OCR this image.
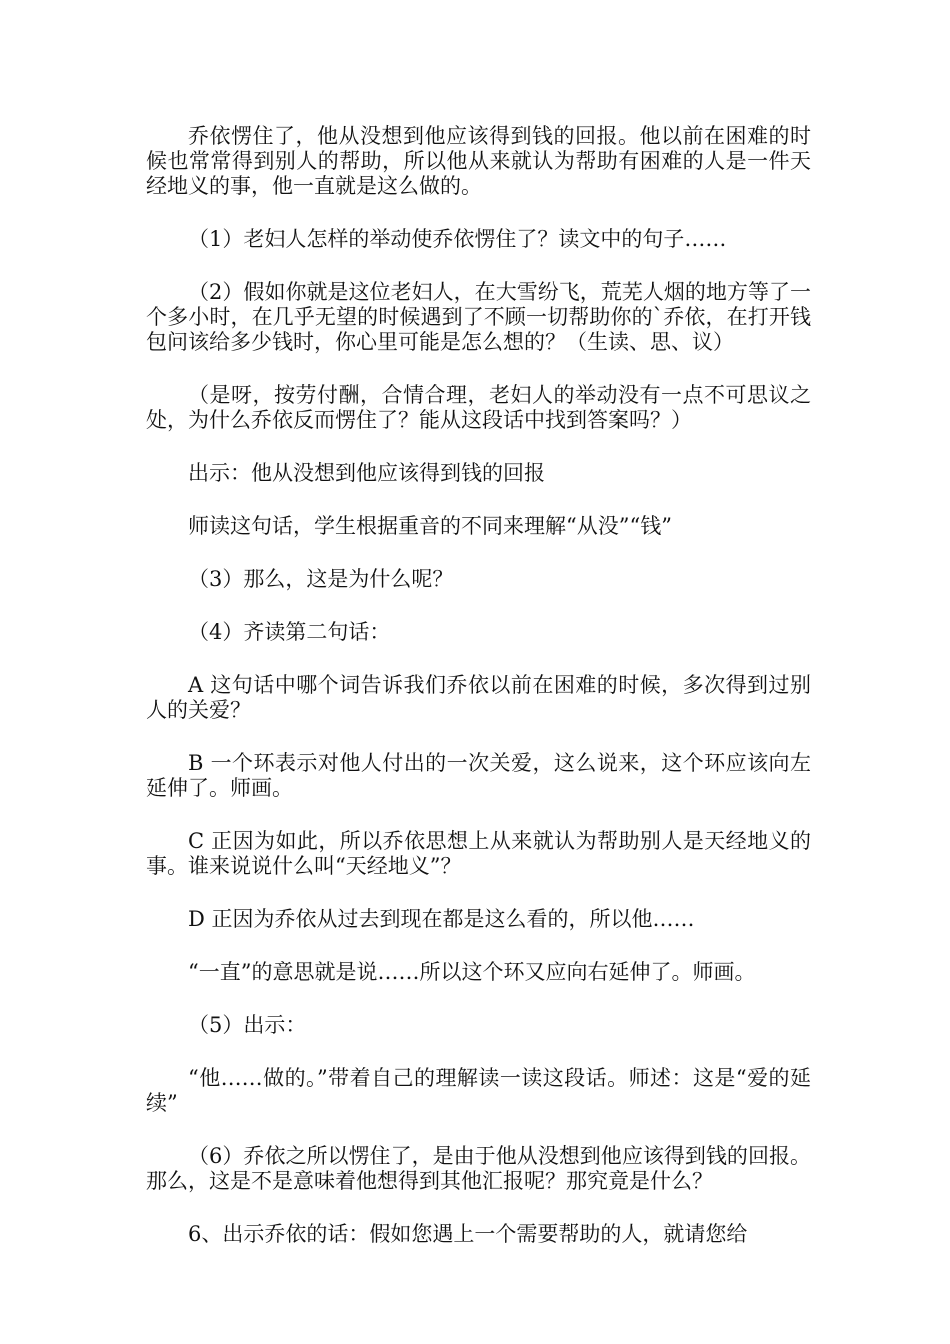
乔依愣住了，他从没想到他应该得到钱的回报。他以前在困难的时候也常常得到别人的帮助，所以他从来就认为帮助有困难的人是一件天经地义的事，他一直就是这么做的。

（1）老妇人怎样的举动使乔依愣住了？读文中的句子……

（2）假如你就是这位老妇人，在大雪纷飞，荒芜人烟的地方等了一个多小时，在几乎无望的时候遇到了不顾一切帮助你的`乔依，在打开钱包问该给多少钱时，你心里可能是怎么想的？（生读、思、议）

（是呀，按劳付酬，合情合理，老妇人的举动没有一点不可思议之处，为什么乔依反而愣住了？能从这段话中找到答案吗？）

出示：他从没想到他应该得到钱的回报

师读这句话，学生根据重音的不同来理解“从没”“钱”

（3）那么，这是为什么呢？

（4）齐读第二句话：

A 这句话中哪个词告诉我们乔依以前在困难的时候，多次得到过别人的关爱？

B 一个环表示对他人付出的一次关爱，这么说来，这个环应该向左延伸了。师画。

C 正因为如此，所以乔依思想上从来就认为帮助别人是天经地义的事。谁来说说什么叫“天经地义”？

D 正因为乔依从过去到现在都是这么看的，所以他……

“一直”的意思就是说……所以这个环又应向右延伸了。师画。

（5）出示：

“他……做的。”带着自己的理解读一读这段话。师述：这是“爱的延续”

（6）乔依之所以愣住了，是由于他从没想到他应该得到钱的回报。那么，这是不是意味着他想得到其他汇报呢？那究竟是什么？

6、出示乔依的话：假如您遇上一个需要帮助的人，就请您给
